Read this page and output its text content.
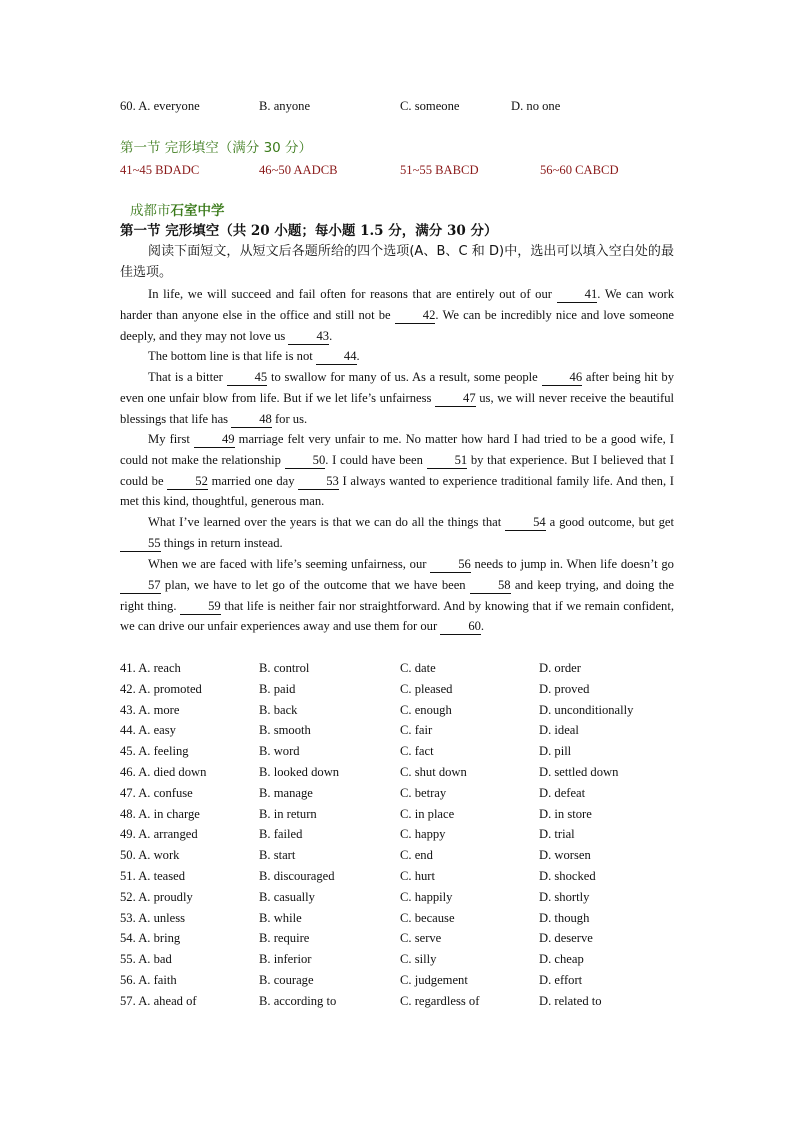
60. A. everyone	B. anyone	C. someone	D. no one
第一节 完形填空（满分 30 分）
41~45 BDADC	46~50 AADCB	51~55 BABCD	56~60 CABCD
成都市石室中学
第一节 完形填空（共 20 小题；每小题 1.5 分，满分 30 分）
阅读下面短文，从短文后各题所给的四个选项(A、B、C 和 D)中，选出可以填入空白处的最佳选项。
In life, we will succeed and fail often for reasons that are entirely out of our 41. We can work harder than anyone else in the office and still not be 42. We can be incredibly nice and love someone deeply, and they may not love us 43.
The bottom line is that life is not 44.
That is a bitter 45 to swallow for many of us. As a result, some people 46 after being hit by even one unfair blow from life. But if we let life’s unfairness 47 us, we will never receive the beautiful blessings that life has 48 for us.
My first 49 marriage felt very unfair to me. No matter how hard I had tried to be a good wife, I could not make the relationship 50. I could have been 51 by that experience. But I believed that I could be 52 married one day 53 I always wanted to experience traditional family life. And then, I met this kind, thoughtful, generous man.
What I’ve learned over the years is that we can do all the things that 54 a good outcome, but get 55 things in return instead.
When we are faced with life’s seeming unfairness, our 56 needs to jump in. When life doesn’t go 57 plan, we have to let go of the outcome that we have been 58 and keep trying, and doing the right thing. 59 that life is neither fair nor straightforward. And by knowing that if we remain confident, we can drive our unfair experiences away and use them for our 60.
41. A. reach	B. control	C. date	D. order
42. A. promoted	B. paid	C. pleased	D. proved
43. A. more	B. back	C. enough	D. unconditionally
44. A. easy	B. smooth	C. fair	D. ideal
45. A. feeling	B. word	C. fact	D. pill
46. A. died down	B. looked down	C. shut down	D. settled down
47. A. confuse	B. manage	C. betray	D. defeat
48. A. in charge	B. in return	C. in place	D. in store
49. A. arranged	B. failed	C. happy	D. trial
50. A. work	B. start	C. end	D. worsen
51. A. teased	B. discouraged	C. hurt	D. shocked
52. A. proudly	B. casually	C. happily	D. shortly
53. A. unless	B. while	C. because	D. though
54. A. bring	B. require	C. serve	D. deserve
55. A. bad	B. inferior	C. silly	D. cheap
56. A. faith	B. courage	C. judgement	D. effort
57. A. ahead of	B. according to	C. regardless of	D. related to
